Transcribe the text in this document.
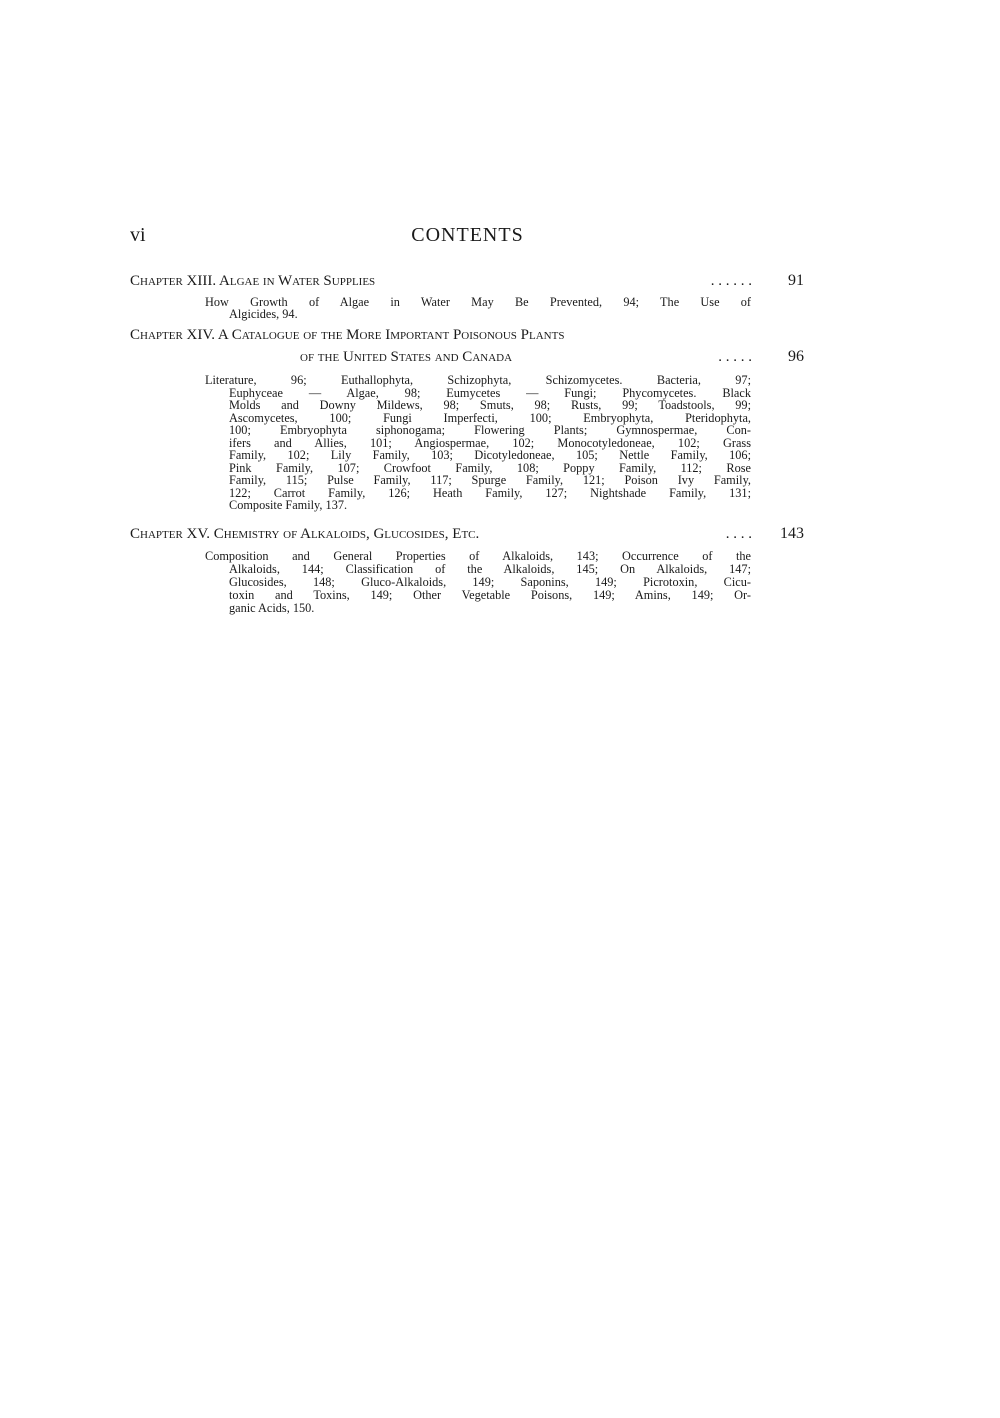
vi	CONTENTS
Chapter XIII. Algae in Water Supplies	. . . . . .	91
How Growth of Algae in Water May Be Prevented, 94; The Use of
Algicides, 94.
Chapter XIV. A Catalogue of the More Important Poisonous Plants
of the United States and Canada	. . . . .	96
Literature, 96; Euthallophyta, Schizophyta, Schizomycetes. Bacteria, 97;
Euphyceae — Algae, 98; Eumycetes — Fungi; Phycomycetes. Black
Molds and Downy Mildews, 98; Smuts, 98; Rusts, 99; Toadstools, 99;
Ascomycetes, 100; Fungi Imperfecti, 100; Embryophyta, Pteridophyta,
100; Embryophyta siphonogama; Flowering Plants; Gymnospermae, Con-
ifers and Allies, 101; Angiospermae, 102; Monocotyledoneae, 102; Grass
Family, 102; Lily Family, 103; Dicotyledoneae, 105; Nettle Family, 106;
Pink Family, 107; Crowfoot Family, 108; Poppy Family, 112; Rose
Family, 115; Pulse Family, 117; Spurge Family, 121; Poison Ivy Family,
122; Carrot Family, 126; Heath Family, 127; Nightshade Family, 131;
Composite Family, 137.
Chapter XV. Chemistry of Alkaloids, Glucosides, Etc.	. . . .	143
Composition and General Properties of Alkaloids, 143; Occurrence of the
Alkaloids, 144; Classification of the Alkaloids, 145; On Alkaloids, 147;
Glucosides, 148; Gluco-Alkaloids, 149; Saponins, 149; Picrotoxin, Cicu-
toxin and Toxins, 149; Other Vegetable Poisons, 149; Amins, 149; Or-
ganic Acids, 150.
